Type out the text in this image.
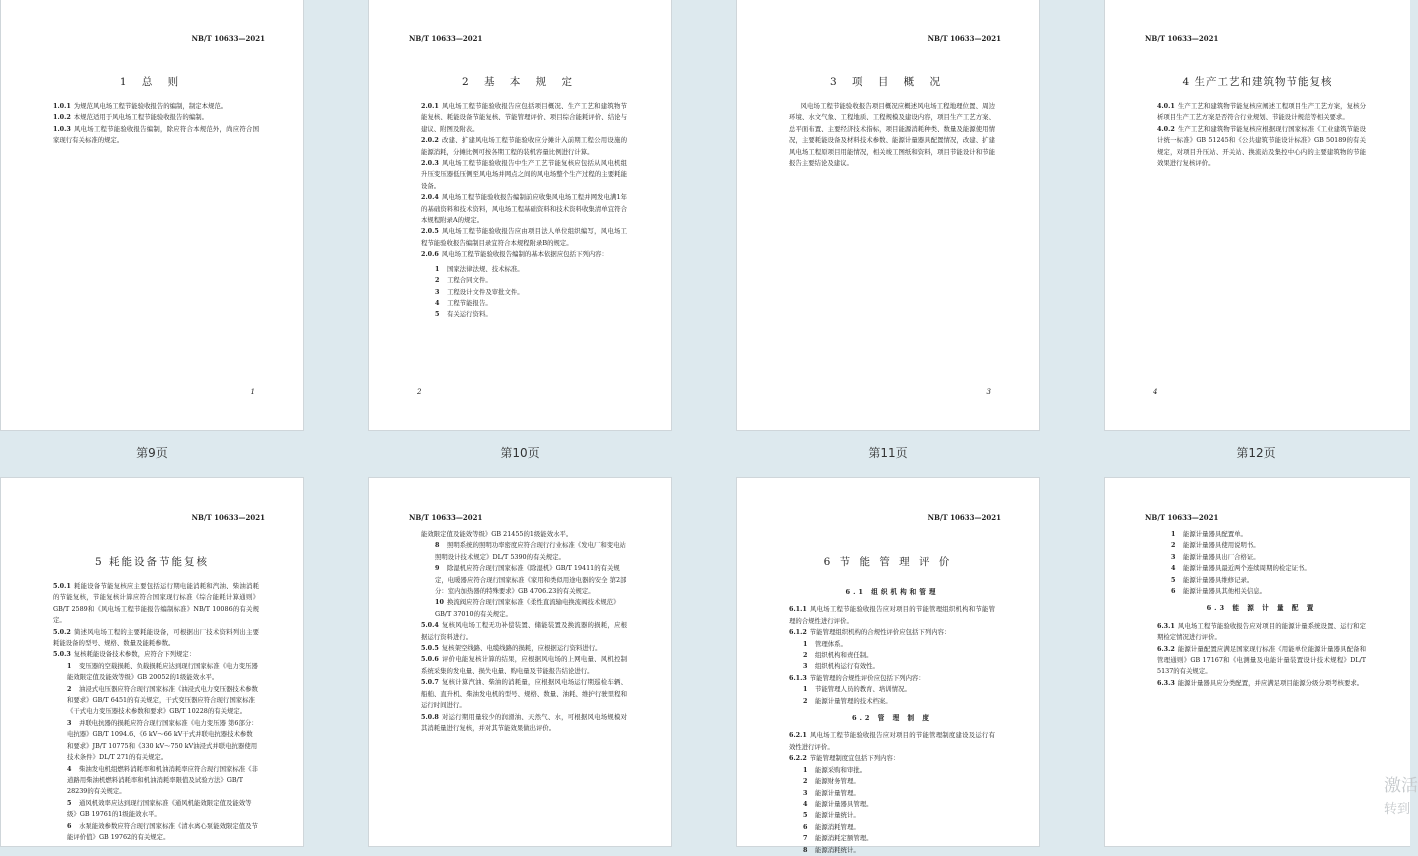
NB/T 10633—2021
1 总 则

1.0.1 为规范风电场工程节能验收报告的编制，制定本规范。

1.0.2 本规范适用于风电场工程节能验收报告的编制。

1.0.3 风电场工程节能验收报告编制，除应符合本规范外，尚应符合国家现行有关标准的规定。

1
NB/T 10633—2021
2 基 本 规 定

2.0.1 风电场工程节能验收报告应包括项目概况、生产工艺和建筑物节能复核、耗能设备节能复核、节能管理评价、项目综合能耗评价、结论与建议、附图及附表。

2.0.2 改建、扩建风电场工程节能验收应分摊计入前期工程公用设施的能源消耗，分摊比例可按各期工程的装机容量比例进行计算。

2.0.3 风电场工程节能验收报告中生产工艺节能复核应包括从风电机组升压变压器低压侧至风电场并网点之间的风电场整个生产过程的主要耗能设备。

2.0.4 风电场工程节能验收报告编制前应收集风电场工程并网发电满1年的基础资料和技术资料，风电场工程基础资料和技术资料收集清单宜符合本规程附录A的规定。

2.0.5 风电场工程节能验收报告应由项目法人单位组织编写，风电场工程节能验收报告编制目录宜符合本规程附录B的规定。

2.0.6 风电场工程节能验收报告编制的基本依据应包括下列内容：

1 国家法律法规、技术标准。

2 工程合同文件。

3 工程设计文件及审批文件。

4 工程节能报告。

5 有关运行资料。

2
NB/T 10633—2021
3 项 目 概 况

风电场工程节能验收报告项目概况应概述风电场工程地理位置、周边环境、水文气象、工程地质、工程规模及建设内容，项目生产工艺方案、总平面布置、主要经济技术指标，项目能源消耗种类、数量及能源使用情况，主要耗能设备及材料技术参数、能源计量器具配置情况，改建、扩建风电场工程原项目用能情况，相关竣工图纸和资料，项目节能设计和节能报告主要结论及建议。

3
NB/T 10633—2021
4 生产工艺和建筑物节能复核

4.0.1 生产工艺和建筑物节能复核应阐述工程项目生产工艺方案，复核分析项目生产工艺方案是否符合行业规划、节能设计规范等相关要求。

4.0.2 生产工艺和建筑物节能复核应根据现行国家标准《工业建筑节能设计统一标准》GB 51245和《公共建筑节能设计标准》GB 50189的有关规定，对项目升压站、开关站、换流站及集控中心内的主要建筑物的节能效果进行复核评价。

4
第9页	第10页	第11页	第12页
NB/T 10633—2021
5 耗能设备节能复核

5.0.1 耗能设备节能复核应主要包括运行期电能消耗和汽油、柴油消耗的节能复核，节能复核计算应符合国家现行标准《综合能耗计算通则》GB/T 2589和《风电场工程节能报告编制标准》NB/T 10086的有关规定。

5.0.2 简述风电场工程的主要耗能设备，可根据出厂技术资料列出主要耗能设备的型号、规格、数量及能耗参数。

5.0.3 复核耗能设备技术参数，应符合下列规定：

1 变压器的空载损耗、负载损耗应达到现行国家标准《电力变压器能效限定值及能效等级》GB 20052的1级能效水平。

2 油浸式电压器应符合现行国家标准《油浸式电力变压器技术参数和要求》GB/T 6451的有关规定，干式变压器应符合现行国家标准《干式电力变压器技术参数和要求》GB/T 10228的有关规定。

3 并联电抗器的损耗应符合现行国家标准《电力变压器 第6部分：电抗器》GB/T 1094.6、《6 kV～66 kV干式并联电抗器技术参数和要求》JB/T 10775和《330 kV～750 kV油浸式并联电抗器使用技术条件》DL/T 271的有关规定。

4 柴油发电机组燃料消耗率和机油消耗率应符合现行国家标准《非道路用柴油机燃料消耗率和机油消耗率限值及试验方法》GB/T 28239的有关规定。

5 通风机效率应达到现行国家标准《通风机能效限定值及能效等级》GB 19761的1级能效水平。

6 水泵能效参数应符合现行国家标准《清水离心泵能效限定值及节能评价值》GB 19762的有关规定。

NB/T 10633—2021

能效限定值及能效等级》GB 21455的1级能效水平。

8 照明系统的照明功率密度应符合现行行业标准《发电厂和变电站照明设计技术规定》DL/T 5390的有关规定。

9 除湿机应符合现行国家标准《除湿机》GB/T 19411的有关规定，电暖器应符合现行国家标准《家用和类似用途电器的安全 第2部分：室内加热器的特殊要求》GB 4706.23的有关规定。

10 换流阀应符合现行国家标准《柔性直流输电换流阀技术规范》GB/T 37010的有关规定。

5.0.4 复核风电场工程无功补偿装置、储能装置及换流器的损耗，应根据运行资料进行。

5.0.5 复核架空线路、电缆线路的损耗，应根据运行资料进行。

5.0.6 评价电能复核计算的结果，应根据风电场的上网电量、风机控制系统采集的发电量、损失电量、购电量及节能报告结论进行。

5.0.7 复核计算汽油、柴油的消耗量，应根据风电场运行期巡检车辆、船舶、直升机、柴油发电机的型号、规格、数量、油耗、维护行驶里程和运行时间进行。

5.0.8 对运行期用量较少的润滑油、天然气、水，可根据风电场规模对其消耗量进行复核，并对其节能效果做出评价。

NB/T 10633—2021
6 节 能 管 理 评 价
6.1 组织机构和管理

6.1.1 风电场工程节能验收报告应对项目的节能管理组织机构和节能管理的合规性进行评价。

6.1.2 节能管理组织机构的合规性评价应包括下列内容：

1 管理体系。

2 组织机构和责任制。

3 组织机构运行有效性。

6.1.3 节能管理的合规性评价应包括下列内容：

1 节能管理人员的教育、培训情况。

2 能源计量管理的技术档案。

6.2 管 理 制 度

6.2.1 风电场工程节能验收报告应对项目的节能管理制度建设及运行有效性进行评价。

6.2.2 节能管理制度宜包括下列内容：

1 能源采购和审批。

2 能源财务管理。

3 能源计量管理。

4 能源计量器具管理。

5 能源计量统计。

6 能源消耗管理。

7 能源消耗定额管理。

8 能源消耗统计。

NB/T 10633—2021

1 能源计量器具配置单。

2 能源计量器具使用说明书。

3 能源计量器具出厂合格证。

4 能源计量器具最近两个连续周期的检定证书。

5 能源计量器具维修记录。

6 能源计量器具其他相关信息。

6.3 能 源 计 量 配 置

6.3.1 风电场工程节能验收报告应对项目的能源计量系统设置、运行和定期检定情况进行评价。

6.3.2 能源计量配置应满足国家现行标准《用能单位能源计量器具配备和管理通则》GB 17167和《电测量及电能计量装置设计技术规程》DL/T 5137的有关规定。

6.3.3 能源计量器具应分类配置，并应满足项目能源分级分项考核要求。

激活
转到
